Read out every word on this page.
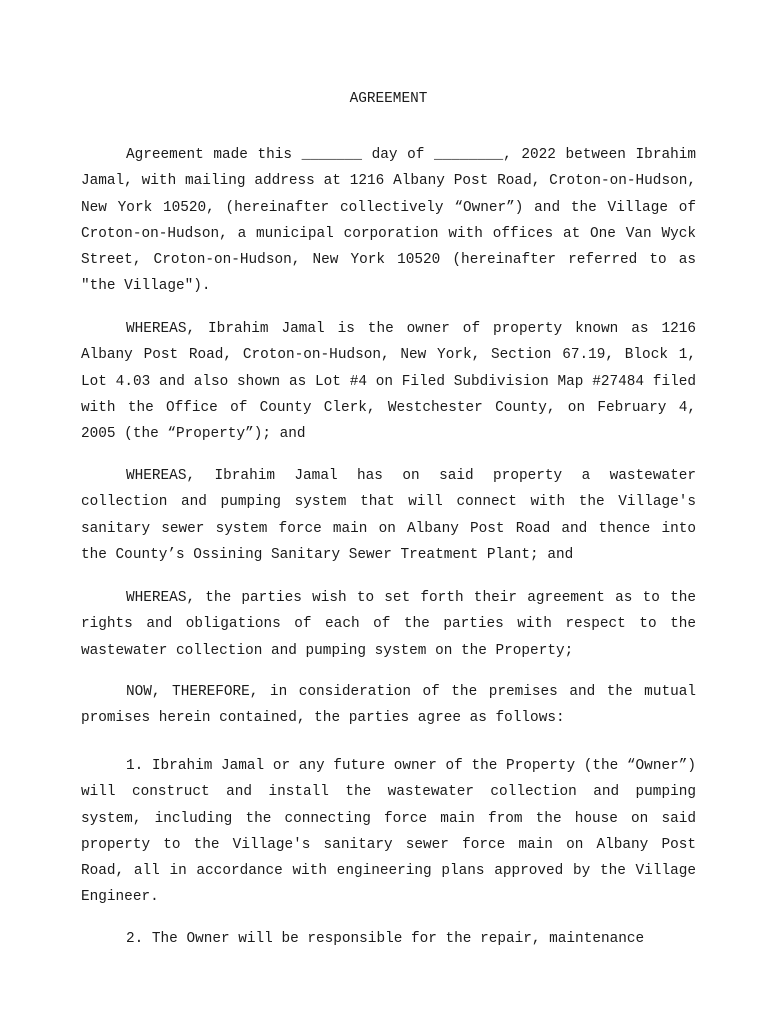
AGREEMENT

Agreement made this _______ day of ________, 2022 between Ibrahim Jamal, with mailing address at 1216 Albany Post Road, Croton-on-Hudson, New York 10520, (hereinafter collectively “Owner”) and the Village of Croton-on-Hudson, a municipal corporation with offices at One Van Wyck Street, Croton-on-Hudson, New York 10520 (hereinafter referred to as "the Village").

WHEREAS, Ibrahim Jamal is the owner of property known as 1216 Albany Post Road, Croton-on-Hudson, New York, Section 67.19, Block 1, Lot 4.03 and also shown as Lot #4 on Filed Subdivision Map #27484 filed with the Office of County Clerk, Westchester County, on February 4, 2005 (the “Property”); and

WHEREAS, Ibrahim Jamal has on said property a wastewater collection and pumping system that will connect with the Village's sanitary sewer system force main on Albany Post Road and thence into the County’s Ossining Sanitary Sewer Treatment Plant; and

WHEREAS, the parties wish to set forth their agreement as to the rights and obligations of each of the parties with respect to the wastewater collection and pumping system on the Property;

NOW, THEREFORE, in consideration of the premises and the mutual promises herein contained, the parties agree as follows:

1. Ibrahim Jamal or any future owner of the Property (the “Owner”) will construct and install the wastewater collection and pumping system, including the connecting force main from the house on said property to the Village's sanitary sewer force main on Albany Post Road, all in accordance with engineering plans approved by the Village Engineer.

2. The Owner will be responsible for the repair, maintenance
